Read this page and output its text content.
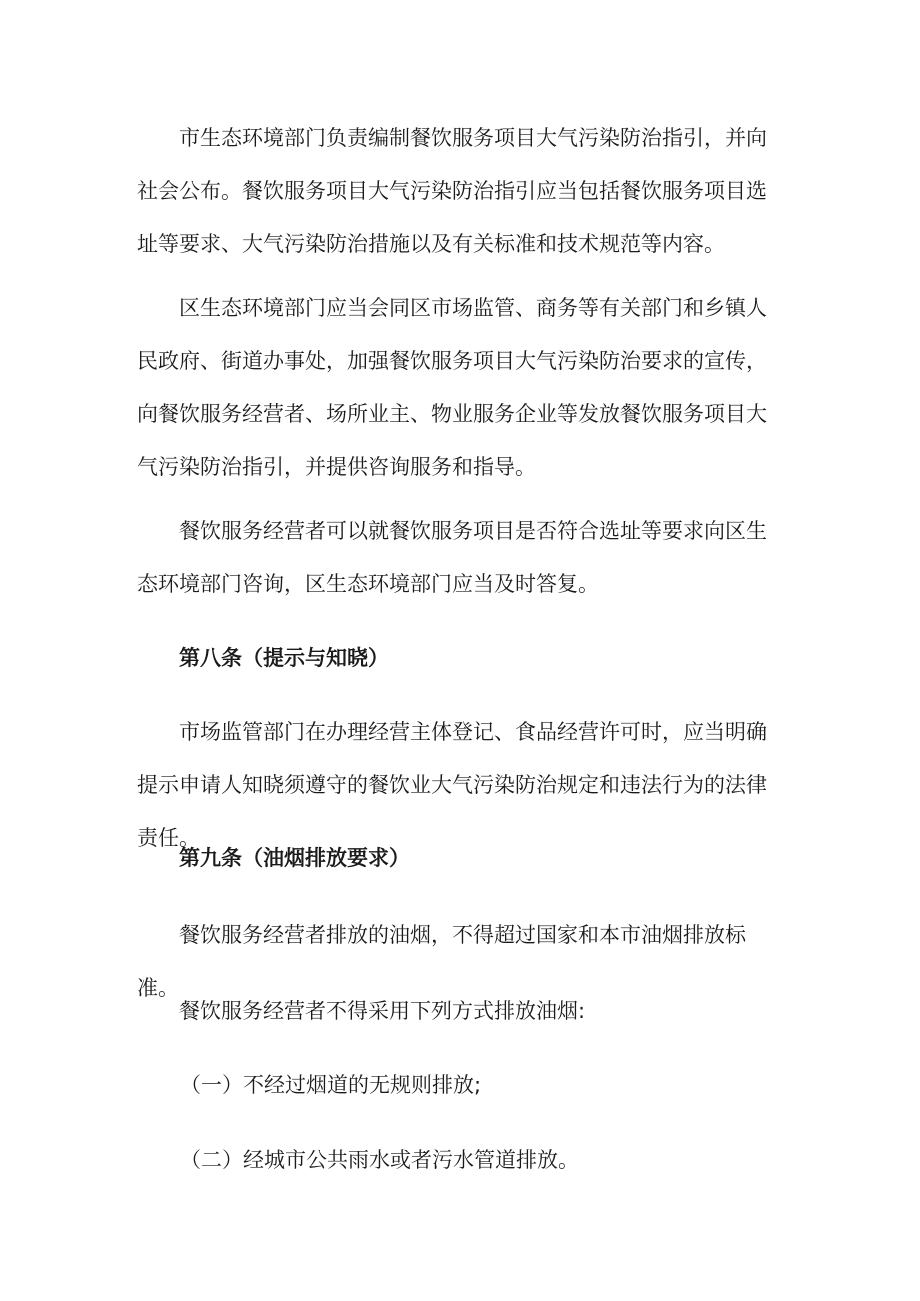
市生态环境部门负责编制餐饮服务项目大气污染防治指引，并向社会公布。餐饮服务项目大气污染防治指引应当包括餐饮服务项目选址等要求、大气污染防治措施以及有关标准和技术规范等内容。

区生态环境部门应当会同区市场监管、商务等有关部门和乡镇人民政府、街道办事处，加强餐饮服务项目大气污染防治要求的宣传，向餐饮服务经营者、场所业主、物业服务企业等发放餐饮服务项目大气污染防治指引，并提供咨询服务和指导。

餐饮服务经营者可以就餐饮服务项目是否符合选址等要求向区生态环境部门咨询，区生态环境部门应当及时答复。

第八条（提示与知晓）

市场监管部门在办理经营主体登记、食品经营许可时，应当明确提示申请人知晓须遵守的餐饮业大气污染防治规定和违法行为的法律责任。

第九条（油烟排放要求）

餐饮服务经营者排放的油烟，不得超过国家和本市油烟排放标准。

餐饮服务经营者不得采用下列方式排放油烟:

（一）不经过烟道的无规则排放;

（二）经城市公共雨水或者污水管道排放。
